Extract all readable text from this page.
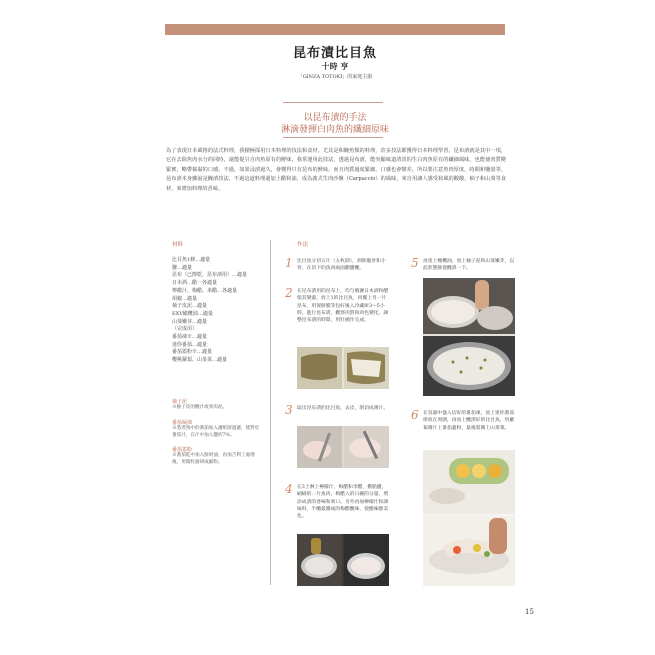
昆布漬比目魚
十時 亨
「GINZA TOTOKI」的家庭主廚
以昆布漬的手法
淋滴發揮白肉魚的纖細原味
為了表現日本風格的法式料理，我積極採用日本料理的技法和食材。尤其是和醃魚類的料理，許多技法都獲得日本料理學習。昆布漬就是其中一項，它在去除魚肉水分的同時，還能提引自肉魚原有的鮮味，我常運用此技法，透過昆布漬，能突顯味道清淡的生白肉魚原有的纖細風味，也能使肉質變緊實，略帶黏黏的口感。不過，如果浸漬過久，會變得只有昆布的鮮味，而且肉質過度緊縮，口感也會變差，所以要注意魚肉厚度，時間和鹽量等。昆布漬本身雖說是醃漬技法，不過這道料理還加上醋和油，成為義式生肉沙盤（Carpaccio）的風味，來自用讓人感受和風的酸酸，柚子和山葵等食材，來增加料理的香味。
材料
比目魚1條…適量
鹽…適量
昆布（已擦乾，昆布漬用）…適量
日本酒…醋一各適量
檸檬汁、梅醋、米醋…各適量
胡椒…適量
柚子皮泥…適量
EXV橄欖油…適量
山葵嫩芽…適量
（完成用）
番茄凍※…適量
迷你番茄…適量
番茄蓋粉※…適量
櫻桃蘿蔔、山茶菜…適量
柚子泥
※柚子皮的醃汁或果肉泥。
番茄凝凍
※將煮熟中的番茄加入濾紙層過濾，使對於番茄汁，在汁中加入鹽約7%。
番茄蓋粉
※番茄乾中加入鮮奶油，再加吉利丁處理後，用微粒器研成細粉。
作法
1 比目魚分切五片（五枚卸），剝除腹骨和小骨，在切下的魚肉兩面撒鹽醃。
2 在昆布漬用的昆布上，均勻噴灑日本酒和醋使其變濕，放上1的比目魚，再覆上另一片昆布，用保鮮膜等包好後入冷藏庫3～5小時，進行昆布漬，觀察肉質和肉色變化，調整昆布漬的時間，用壯碗作完成。
3 取出昆布漬的比目魚，去皮，削切成薄片。
4 在3上淋上檸檬汁、梅醋和米醋，撒點鹽，刷刷的一片魚肉，梅醋入的日碗的分量，增添成漬的香味和爽口。另外再加檸檬汁和調味料，半醃最醬或的梅醋醃味，使酸味醇美化。
5 再塗上橄欖油，放上柚子泥和山葵嫩芽，以此狀態靜置醃漬一下。
6 在容器中盛入切好的番茄凍，放上迷你番茄排放在周圍，再放上醃漬好的比目魚，用蘿蔔薄片上番茄蓋粉，最後裝飾上山茶菜。
15
